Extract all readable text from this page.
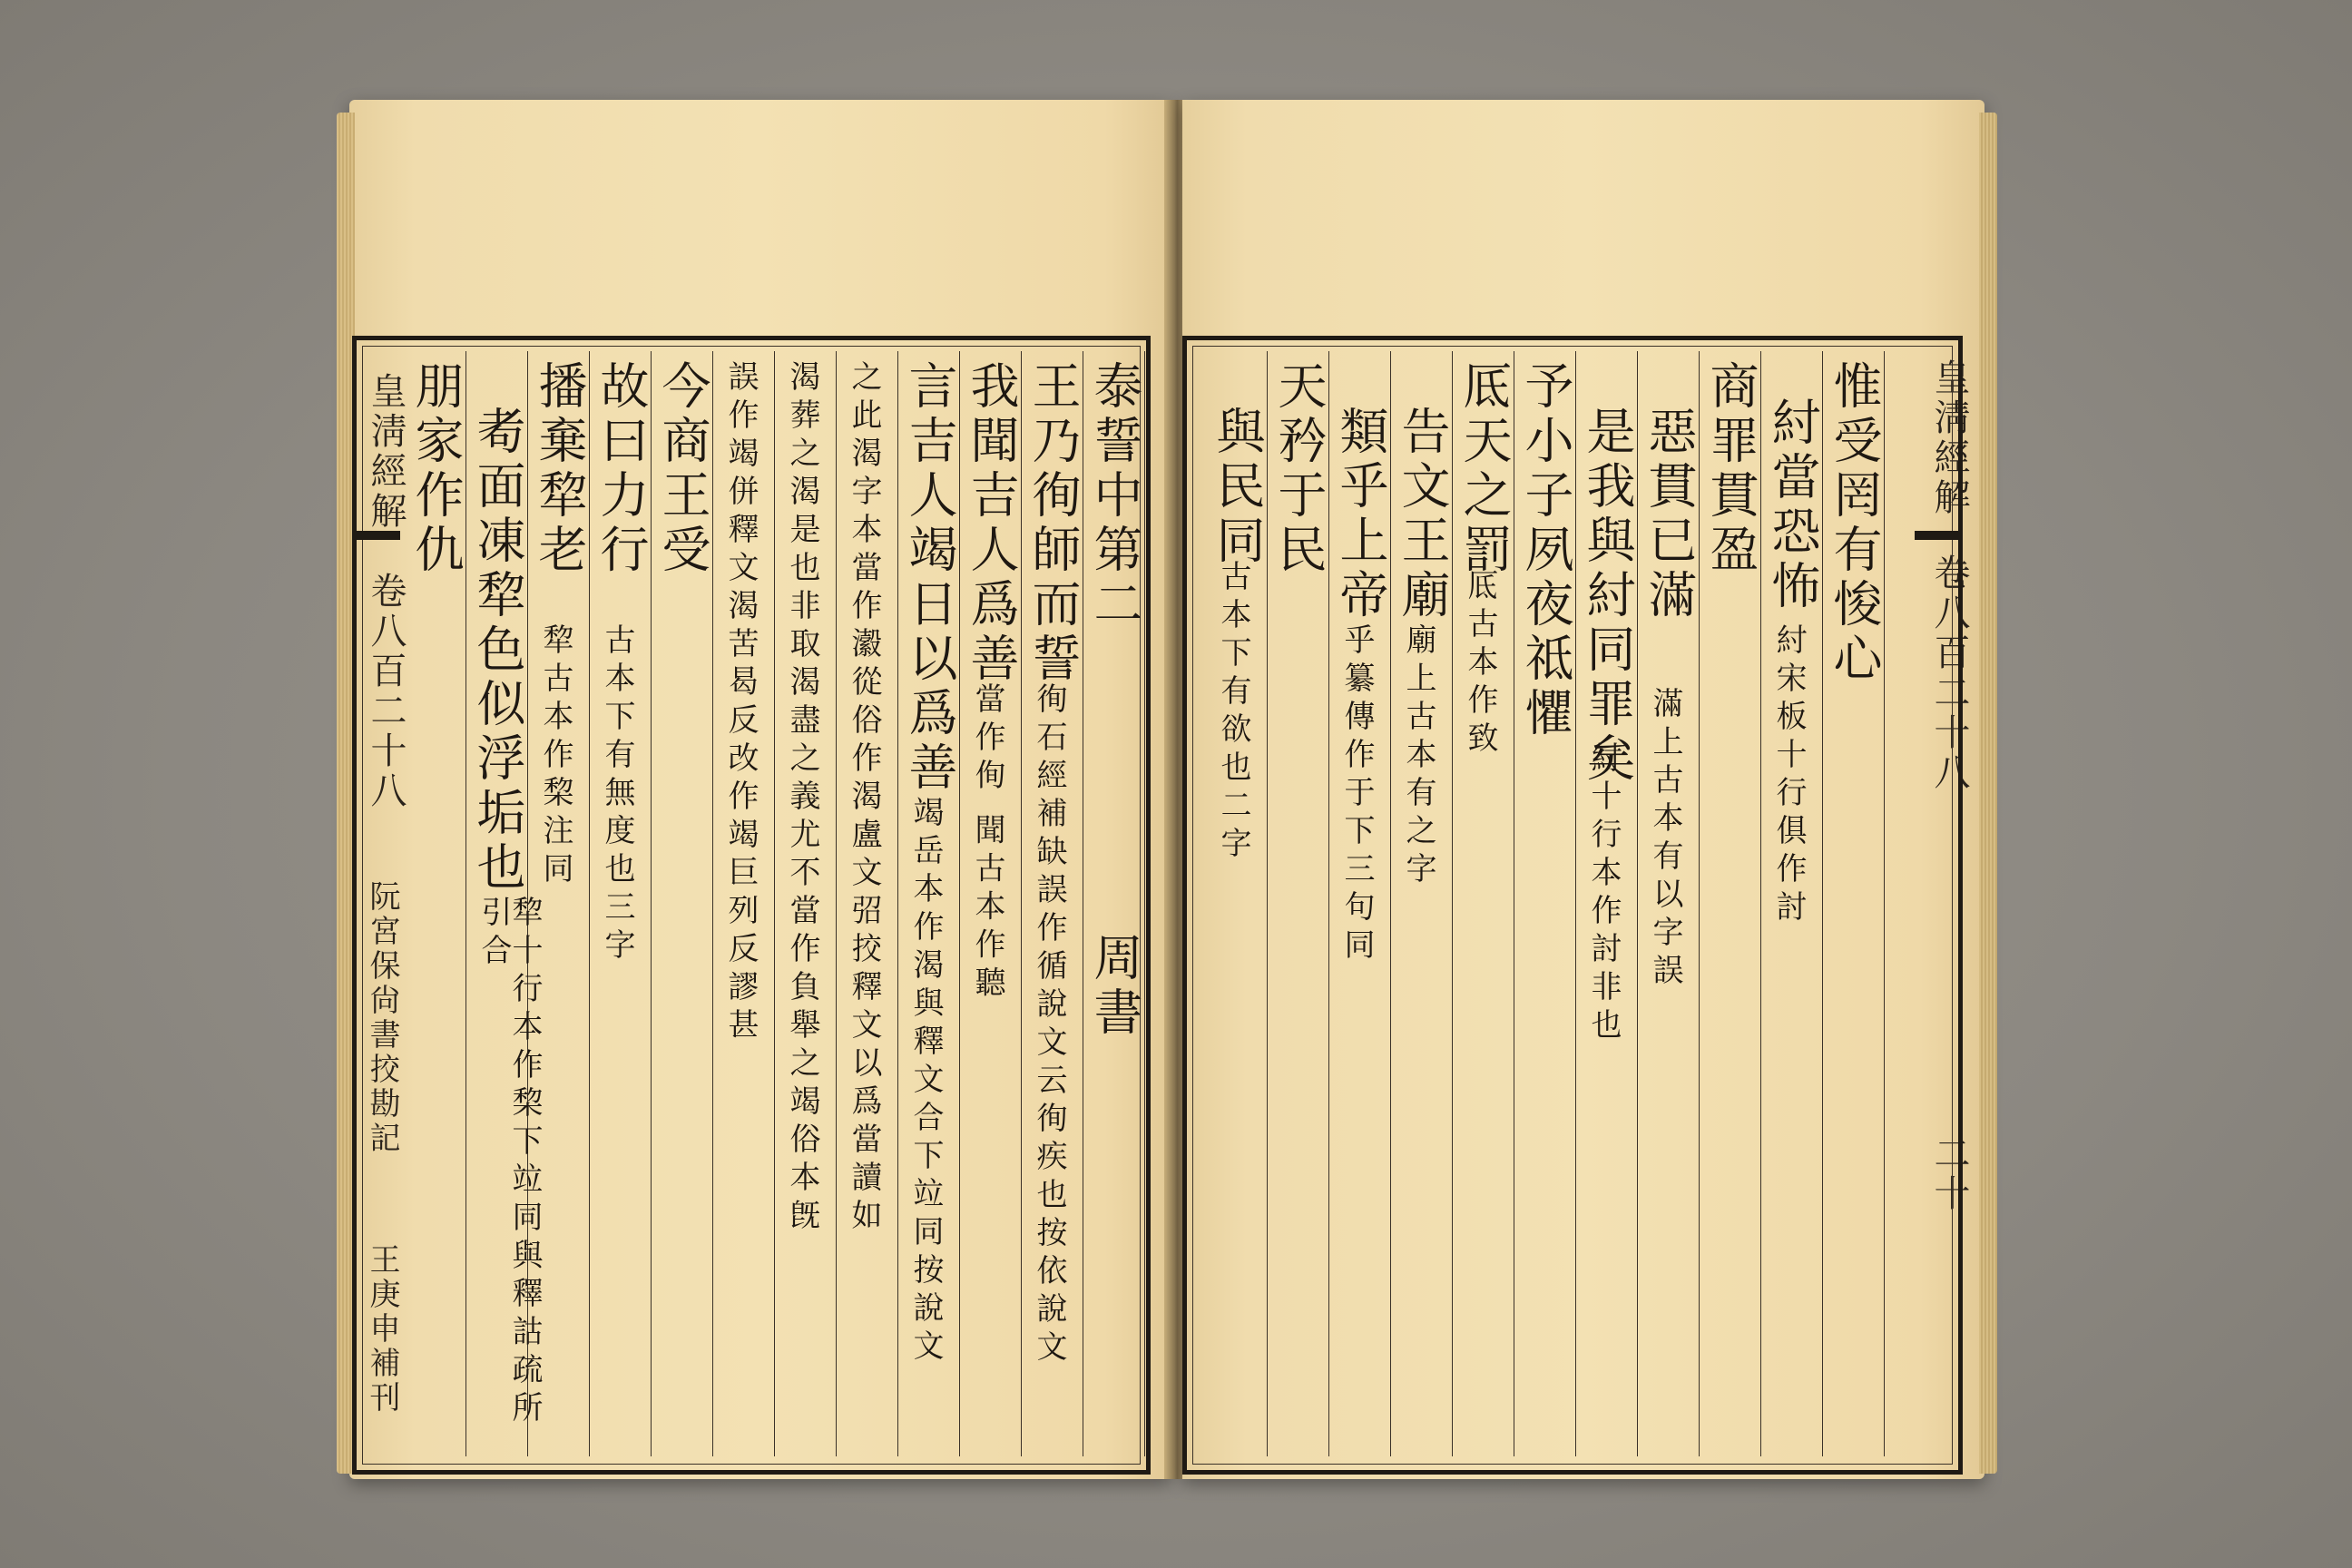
皇淸經解
卷八百二十八
阮宮保尙書挍勘記
王庚申補刊
泰誓中第二
周書
王乃徇師而誓
徇石經補缺誤作循說文云徇疾也按依說文
我聞吉人爲善
當作侚 聞古本作聽
言吉人竭日以爲善
竭岳本作渴與釋文合下竝同按說文
之此渴字本當作瀫從俗作渴盧文弨挍釋文以爲當讀如
渴葬之渴是也非取渴盡之義尤不當作負舉之竭俗本旣
誤作竭併釋文渴苦曷反改作竭巨列反謬甚
今商王受
故曰力行
古本下有無度也三字
播棄犂老
犂古本作棃注同
耇面凍犂色似浮垢也
犂十行本作棃下竝同與釋詁疏所引合
朋家作仇	皇淸經解
卷八百二十八
二十
惟受罔有悛心
紂當恐怖
紂宋板十行俱作討
商罪貫盈
惡貫已滿
滿上古本有以字誤
是我與紂同罪矣
紂十行本作討非也
予小子夙夜祗懼
厎天之罰
厎古本作致
告文王廟
廟上古本有之字
類乎上帝
乎纂傳作于下三句同
天矜于民
與民同
古本下有欲也二字
